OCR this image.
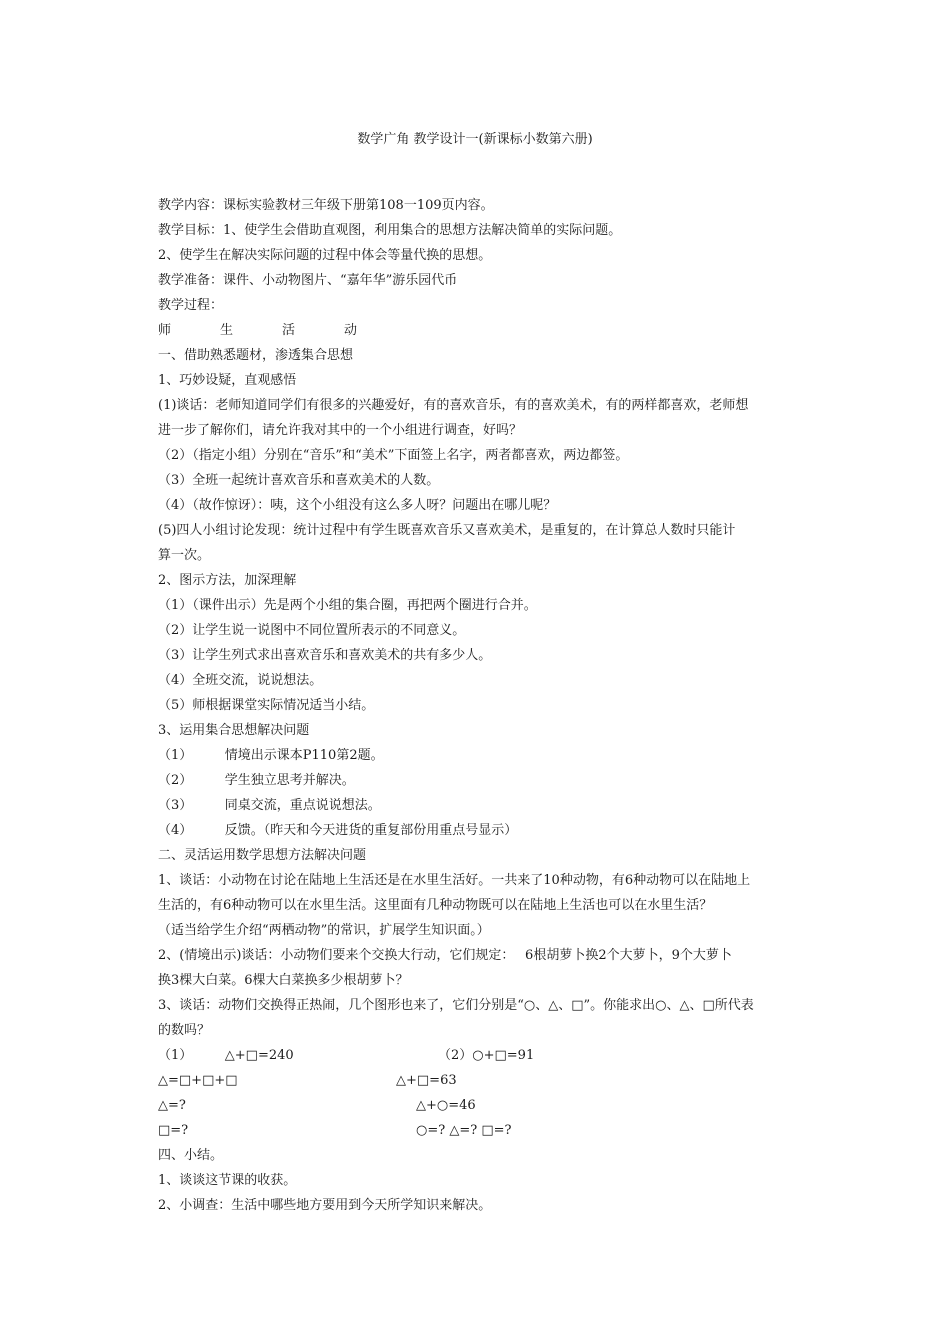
数学广角 教学设计一(新课标小数第六册)
教学内容：课标实验教材三年级下册第108一109页内容。
教学目标：1、使学生会借助直观图，利用集合的思想方法解决简单的实际问题。
2、使学生在解决实际问题的过程中体会等量代换的思想。
教学准备：课件、小动物图片、“嘉年华”游乐园代币
教学过程：
师	生	活	动
一、借助熟悉题材，渗透集合思想
1、巧妙设疑，直观感悟
(1)谈话：老师知道同学们有很多的兴趣爱好，有的喜欢音乐，有的喜欢美术，有的两样都喜欢，老师想
进一步了解你们，请允许我对其中的一个小组进行调查，好吗？
（2）（指定小组）分别在“音乐”和“美术”下面签上名字，两者都喜欢，两边都签。
（3）全班一起统计喜欢音乐和喜欢美术的人数。
（4）（故作惊讶）：咦，这个小组没有这么多人呀？问题出在哪儿呢？
(5)四人小组讨论发现：统计过程中有学生既喜欢音乐又喜欢美术，是重复的，在计算总人数时只能计
算一次。
2、图示方法，加深理解
（1）（课件出示）先是两个小组的集合圈，再把两个圈进行合并。
（2）让学生说一说图中不同位置所表示的不同意义。
（3）让学生列式求出喜欢音乐和喜欢美术的共有多少人。
（4）全班交流，说说想法。
（5）师根据课堂实际情况适当小结。
3、运用集合思想解决问题
（1）　　　情境出示课本P110第2题。
（2）　　　学生独立思考并解决。
（3）　　　同桌交流，重点说说想法。
（4）　　　反馈。（昨天和今天进货的重复部份用重点号显示）
二、灵活运用数学思想方法解决问题
1、谈话：小动物在讨论在陆地上生活还是在水里生活好。一共来了10种动物，有6种动物可以在陆地上
生活的，有6种动物可以在水里生活。这里面有几种动物既可以在陆地上生活也可以在水里生活？
（适当给学生介绍“两栖动物”的常识，扩展学生知识面。）
2、(情境出示)谈话：小动物们要来个交换大行动，它们规定：　 6根胡萝卜换2个大萝卜，9个大萝卜
换3棵大白菜。6棵大白菜换多少根胡萝卜？
3、谈话：动物们交换得正热闹，几个图形也来了，它们分别是“○、△、□”。你能求出○、△、□所代表
的数吗？
（1）　　　△+□=240	（2）○+□=91
△=□+□+□	△+□=63
△=?	△+○=46
□=?	○=? △=? □=?
四、小结。
1、谈谈这节课的收获。
2、小调查：生活中哪些地方要用到今天所学知识来解决。
